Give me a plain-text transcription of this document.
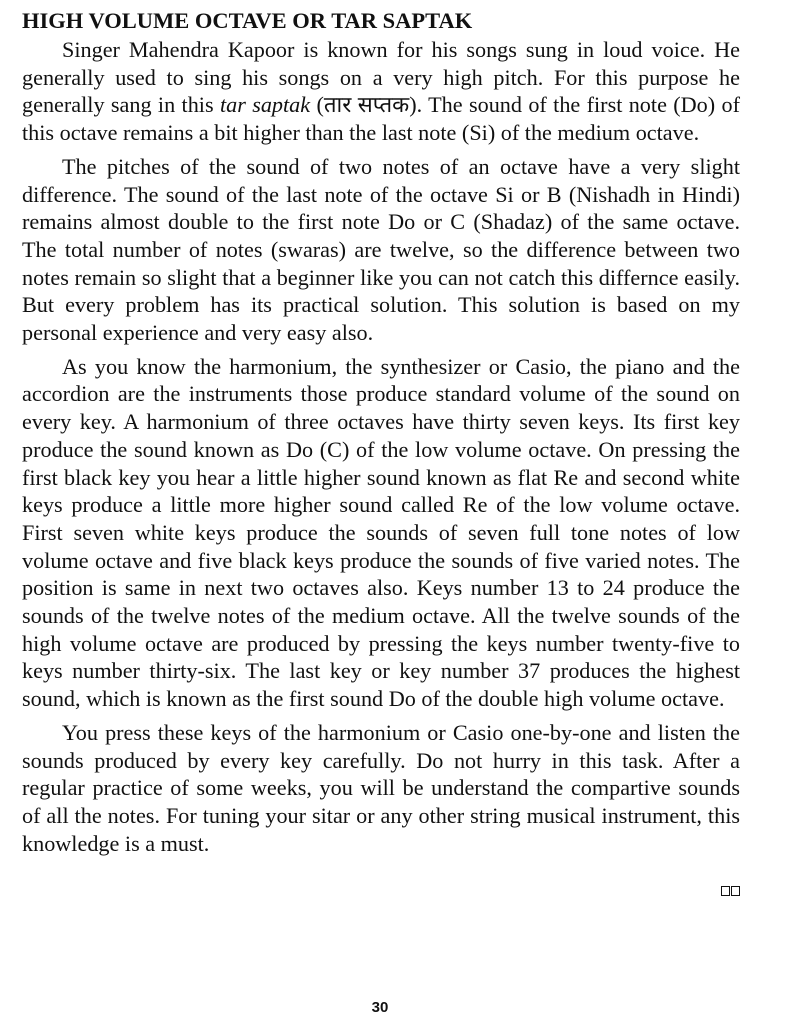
HIGH VOLUME OCTAVE OR TAR SAPTAK

Singer Mahendra Kapoor is known for his songs sung in loud voice. He generally used to sing his songs on a very high pitch. For this purpose he generally sang in this tar saptak (तार सप्तक). The sound of the first note (Do) of this octave remains a bit higher than the last note (Si) of the medium octave.

The pitches of the sound of two notes of an octave have a very slight difference. The sound of the last note of the octave Si or B (Nishadh in Hindi) remains almost double to the first note Do or C (Shadaz) of the same octave. The total number of notes (swaras) are twelve, so the difference between two notes remain so slight that a beginner like you can not catch this differnce easily. But every problem has its practical solution. This solution is based on my personal experience and very easy also.

As you know the harmonium, the synthesizer or Casio, the piano and the accordion are the instruments those produce standard volume of the sound on every key. A harmonium of three octaves have thirty seven keys. Its first key produce the sound known as Do (C) of the low volume octave. On pressing the first black key you hear a little higher sound known as flat Re and second white keys produce a little more higher sound called Re of the low volume octave. First seven white keys produce the sounds of seven full tone notes of low volume octave and five black keys produce the sounds of five varied notes. The position is same in next two octaves also. Keys number 13 to 24 produce the sounds of the twelve notes of the medium octave. All the twelve sounds of the high volume octave are produced by pressing the keys number twenty-five to keys number thirty-six. The last key or key number 37 produces the highest sound, which is known as the first sound Do of the double high volume octave.

You press these keys of the harmonium or Casio one-by-one and listen the sounds produced by every key carefully. Do not hurry in this task. After a regular practice of some weeks, you will be understand the compartive sounds of all the notes. For tuning your sitar or any other string musical instrument, this knowledge is a must.

30
